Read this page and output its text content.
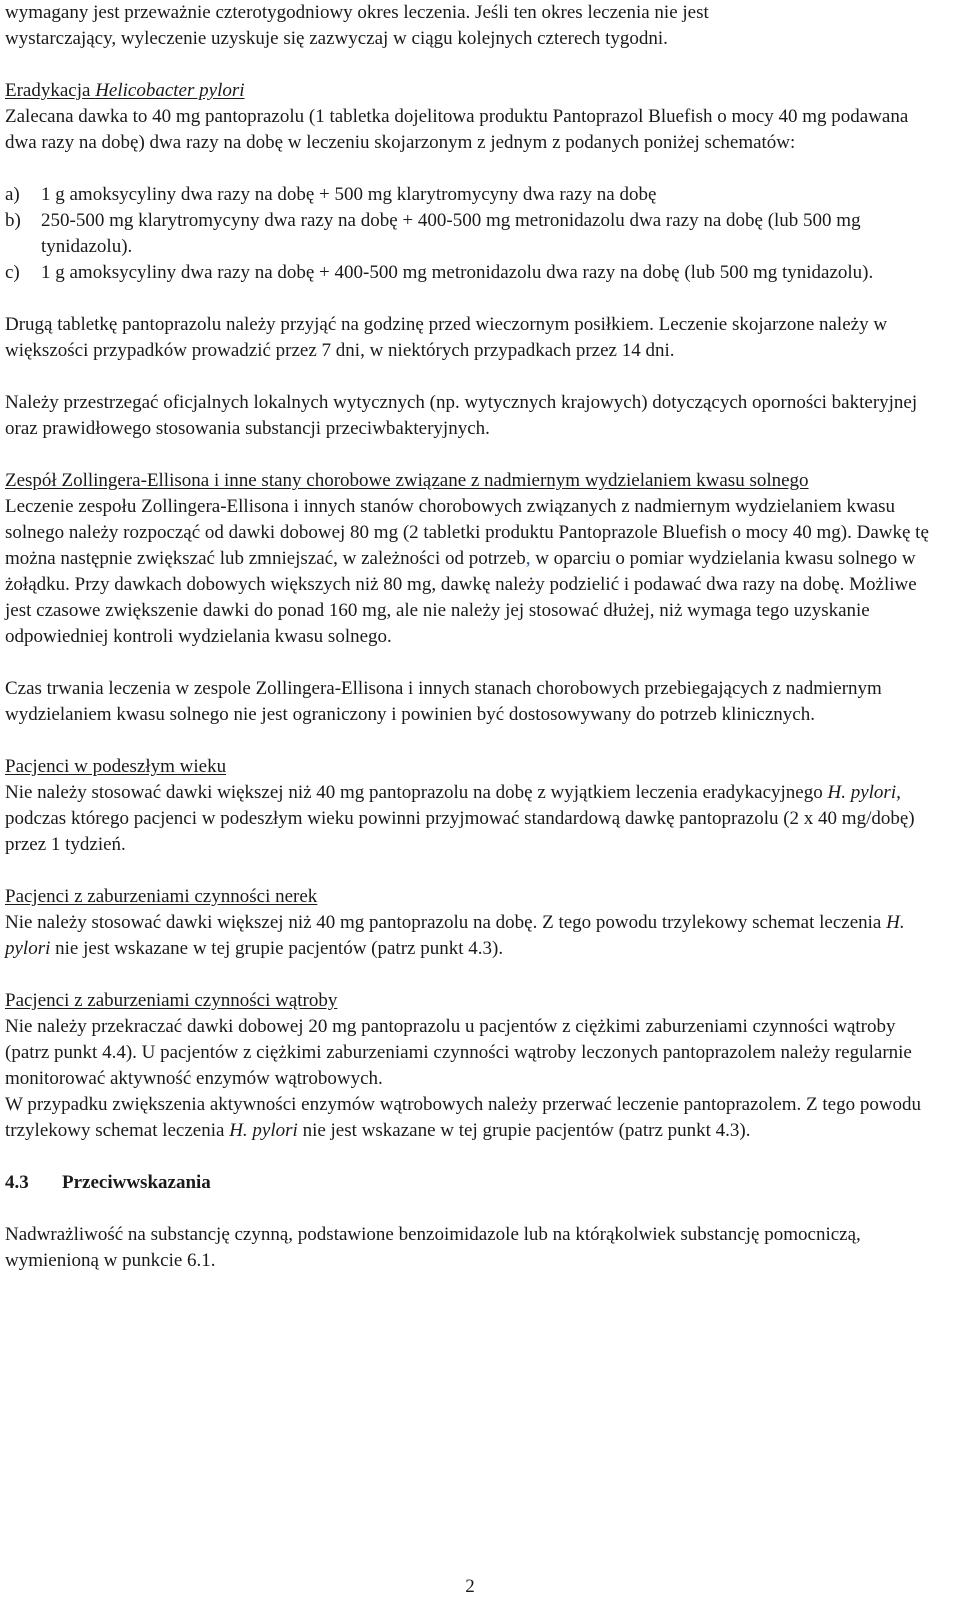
wymagany jest przeważnie czterotygodniowy okres leczenia. Jeśli ten okres leczenia nie jest
wystarczający, wyleczenie uzyskuje się zazwyczaj w ciągu kolejnych czterech tygodni.

Eradykacja Helicobacter pylori

Zalecana dawka to 40 mg pantoprazolu (1 tabletka dojelitowa produktu Pantoprazol Bluefish o mocy 40 mg podawana dwa razy na dobę) dwa razy na dobę w leczeniu skojarzonym z jednym z podanych poniżej schematów:

a)	1 g amoksycyliny dwa razy na dobę + 500 mg klarytromycyny dwa razy na dobę
b)	250-500 mg klarytromycyny dwa razy na dobę + 400-500 mg metronidazolu dwa razy na dobę (lub 500 mg tynidazolu).
c)	1 g amoksycyliny dwa razy na dobę + 400-500 mg metronidazolu dwa razy na dobę (lub 500 mg tynidazolu).

Drugą tabletkę pantoprazolu należy przyjąć na godzinę przed wieczornym posiłkiem. Leczenie skojarzone należy w większości przypadków prowadzić przez 7 dni, w niektórych przypadkach przez 14 dni.

Należy przestrzegać oficjalnych lokalnych wytycznych (np. wytycznych krajowych) dotyczących oporności bakteryjnej oraz prawidłowego stosowania substancji przeciwbakteryjnych.

Zespół Zollingera-Ellisona i inne stany chorobowe związane z nadmiernym wydzielaniem kwasu solnego

Leczenie zespołu Zollingera-Ellisona i innych stanów chorobowych związanych z nadmiernym wydzielaniem kwasu solnego należy rozpocząć od dawki dobowej 80 mg (2 tabletki produktu Pantoprazole Bluefish o mocy 40 mg). Dawkę tę można następnie zwiększać lub zmniejszać, w zależności od potrzeb, w oparciu o pomiar wydzielania kwasu solnego w żołądku. Przy dawkach dobowych większych niż 80 mg, dawkę należy podzielić i podawać dwa razy na dobę. Możliwe jest czasowe zwiększenie dawki do ponad 160 mg, ale nie należy jej stosować dłużej, niż wymaga tego uzyskanie odpowiedniej kontroli wydzielania kwasu solnego.

Czas trwania leczenia w zespole Zollingera-Ellisona i innych stanach chorobowych przebiegających z nadmiernym wydzielaniem kwasu solnego nie jest ograniczony i powinien być dostosowywany do potrzeb klinicznych.

Pacjenci w podeszłym wieku

Nie należy stosować dawki większej niż 40 mg pantoprazolu na dobę z wyjątkiem leczenia eradykacyjnego H. pylori, podczas którego pacjenci w podeszłym wieku powinni przyjmować standardową dawkę pantoprazolu (2 x 40 mg/dobę) przez 1 tydzień.

Pacjenci z zaburzeniami czynności nerek

Nie należy stosować dawki większej niż 40 mg pantoprazolu na dobę. Z tego powodu trzylekowy schemat leczenia H. pylori nie jest wskazane w tej grupie pacjentów (patrz punkt 4.3).

Pacjenci z zaburzeniami czynności wątroby

Nie należy przekraczać dawki dobowej 20 mg pantoprazolu u pacjentów z ciężkimi zaburzeniami czynności wątroby (patrz punkt 4.4). U pacjentów z ciężkimi zaburzeniami czynności wątroby leczonych pantoprazolem należy regularnie monitorować aktywność enzymów wątrobowych.

W przypadku zwiększenia aktywności enzymów wątrobowych należy przerwać leczenie pantoprazolem. Z tego powodu trzylekowy schemat leczenia H. pylori nie jest wskazane w tej grupie pacjentów (patrz punkt 4.3).

4.3	Przeciwwskazania

Nadwrażliwość na substancję czynną, podstawione benzoimidazole lub na którąkolwiek substancję pomocniczą, wymienioną w punkcie 6.1.

2
